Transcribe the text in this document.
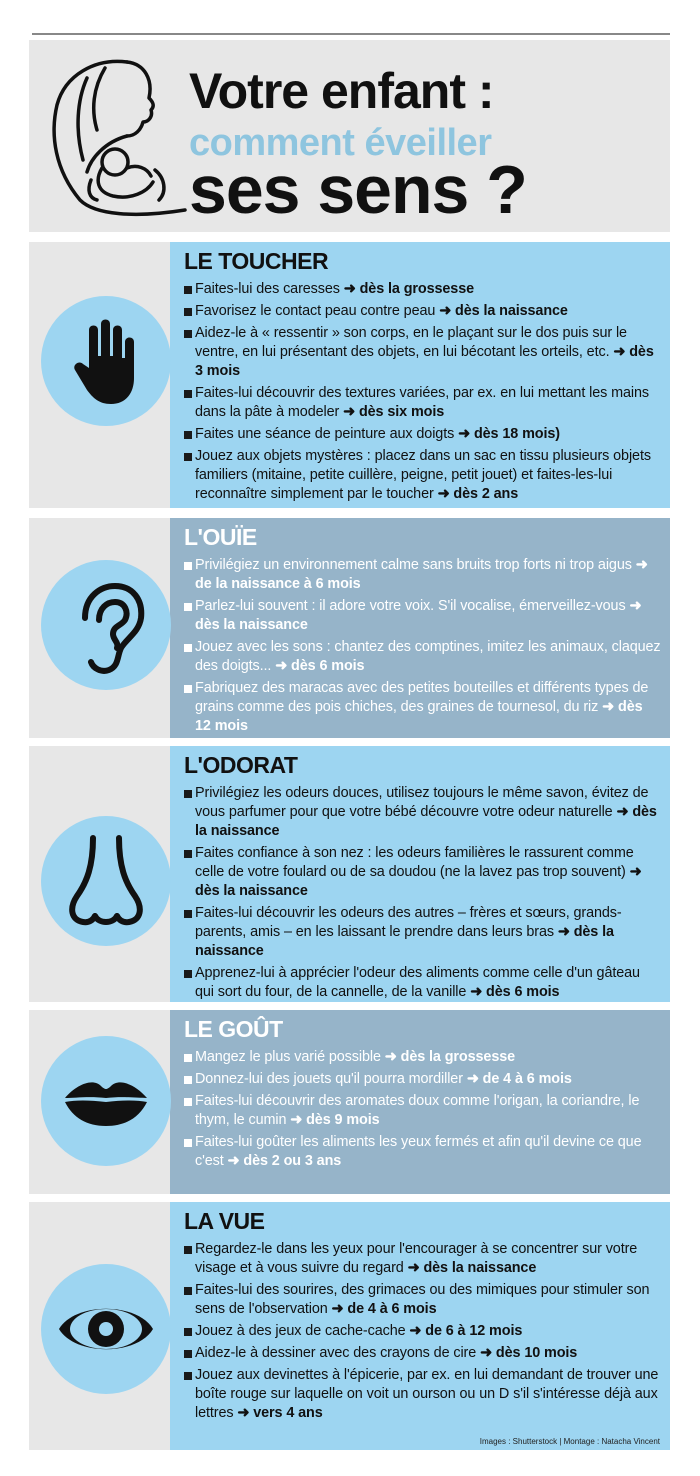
Votre enfant :
comment éveiller
ses sens ?
LE TOUCHER
Faites-lui des caresses ➜ dès la grossesse
Favorisez le contact peau contre peau ➜ dès la naissance
Aidez-le à « ressentir » son corps, en le plaçant sur le dos puis sur le ventre, en lui présentant des objets, en lui bécotant les orteils, etc. ➜ dès 3 mois
Faites-lui découvrir des textures variées, par ex. en lui mettant les mains dans la pâte à modeler ➜ dès six mois
Faites une séance de peinture aux doigts ➜ dès 18 mois)
Jouez aux objets mystères : placez dans un sac en tissu plusieurs objets familiers (mitaine, petite cuillère, peigne, petit jouet) et faites-les-lui reconnaître simplement par le toucher ➜ dès 2 ans
L'OUÏE
Privilégiez un environnement calme sans bruits trop forts ni trop aigus ➜ de la naissance à 6 mois
Parlez-lui souvent : il adore votre voix. S'il vocalise, émerveillez-vous ➜ dès la naissance
Jouez avec les sons : chantez des comptines, imitez les animaux, claquez des doigts... ➜ dès 6 mois
Fabriquez des maracas avec des petites bouteilles et différents types de grains comme des pois chiches, des graines de tournesol, du riz ➜ dès 12 mois
L'ODORAT
Privilégiez les odeurs douces, utilisez toujours le même savon, évitez de vous parfumer pour que votre bébé découvre votre odeur naturelle ➜ dès la naissance
Faites confiance à son nez : les odeurs familières le rassurent comme celle de votre foulard ou de sa doudou (ne la lavez pas trop souvent) ➜ dès la naissance
Faites-lui découvrir les odeurs des autres – frères et sœurs, grands-parents, amis – en les laissant le prendre dans leurs bras ➜ dès la naissance
Apprenez-lui à apprécier l'odeur des aliments comme celle d'un gâteau qui sort du four, de la cannelle, de la vanille ➜ dès 6 mois
LE GOÛT
Mangez le plus varié possible ➜ dès la grossesse
Donnez-lui des jouets qu'il pourra mordiller ➜ de 4 à 6 mois
Faites-lui découvrir des aromates doux comme l'origan, la coriandre, le thym, le cumin ➜ dès 9 mois
Faites-lui goûter les aliments les yeux fermés et afin qu'il devine ce que c'est ➜ dès 2 ou 3 ans
LA VUE
Regardez-le dans les yeux pour l'encourager à se concentrer sur votre visage et à vous suivre du regard ➜ dès la naissance
Faites-lui des sourires, des grimaces ou des mimiques pour stimuler son sens de l'observation ➜ de 4 à 6 mois
Jouez à des jeux de cache-cache ➜ de 6 à 12 mois
Aidez-le à dessiner avec des crayons de cire ➜ dès 10 mois
Jouez aux devinettes à l'épicerie, par ex. en lui demandant de trouver une boîte rouge sur laquelle on voit un ourson ou un D s'il s'intéresse déjà aux lettres ➜ vers 4 ans
Images : Shutterstock | Montage : Natacha Vincent
